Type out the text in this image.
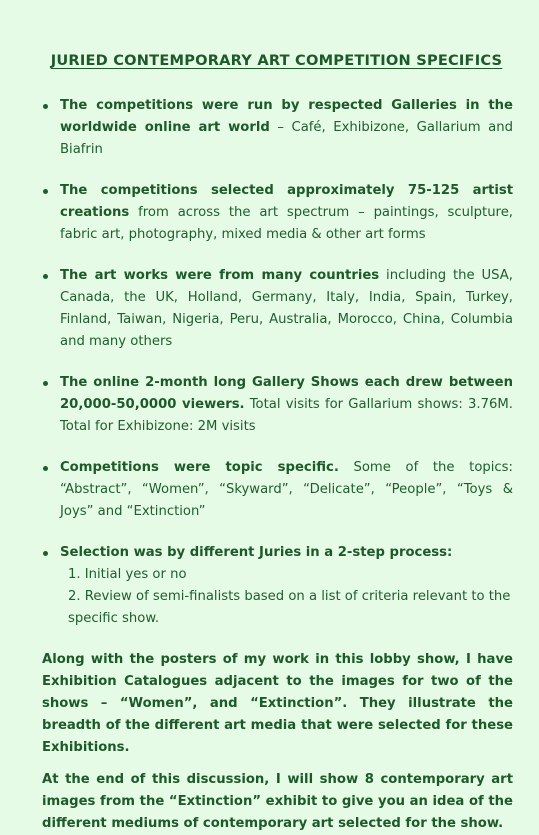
JURIED CONTEMPORARY ART COMPETITION SPECIFICS
The competitions were run by respected Galleries in the worldwide online art world – Café, Exhibizone, Gallarium and Biafrin
The competitions selected approximately 75-125 artist creations from across the art spectrum – paintings, sculpture, fabric art, photography, mixed media & other art forms
The art works were from many countries including the USA, Canada, the UK, Holland, Germany, Italy, India, Spain, Turkey, Finland, Taiwan, Nigeria, Peru, Australia, Morocco, China, Columbia and many others
The online 2-month long Gallery Shows each drew between 20,000-50,0000 viewers. Total visits for Gallarium shows: 3.76M. Total for Exhibizone: 2M visits
Competitions were topic specific. Some of the topics: “Abstract”, “Women”, “Skyward”, “Delicate”, “People”, “Toys & Joys” and “Extinction”
Selection was by different Juries in a 2-step process:
1. Initial yes or no
2. Review of semi-finalists based on a list of criteria relevant to the specific show.

Along with the posters of my work in this lobby show, I have Exhibition Catalogues adjacent to the images for two of the shows – “Women”, and “Extinction”. They illustrate the breadth of the different art media that were selected for these Exhibitions.

At the end of this discussion, I will show 8 contemporary art images from the “Extinction” exhibit to give you an idea of the different mediums of contemporary art selected for the show.
